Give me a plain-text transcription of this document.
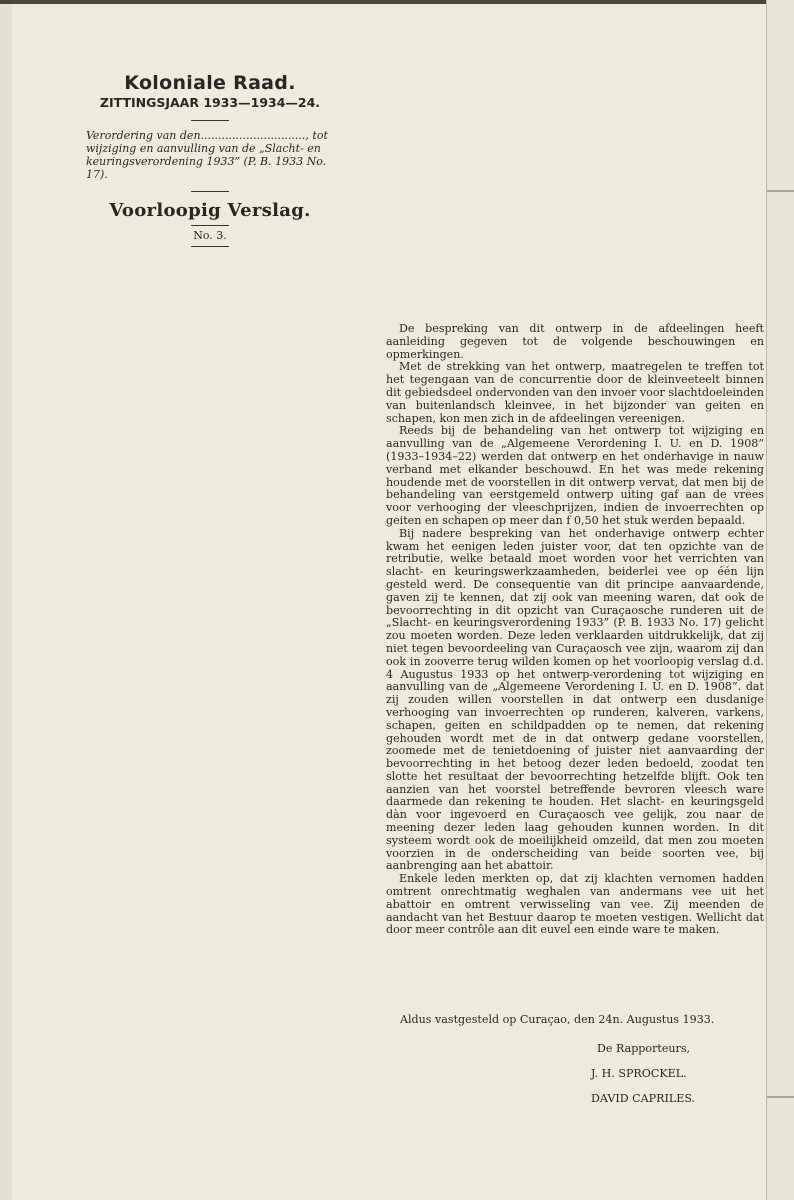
Koloniale Raad.
ZITTINGSJAAR 1933—1934—24.
Verordering van den.............................., tot wijziging en aanvulling van de „Slacht- en keuringsverordening 1933” (P. B. 1933 No. 17).
Voorloopig Verslag.
No. 3.

De bespreking van dit ontwerp in de afdeelingen heeft aanleiding gegeven tot de volgende beschouwingen en opmerkingen.

Met de strekking van het ontwerp, maatregelen te treffen tot het tegengaan van de concurrentie door de kleinveeteelt binnen dit gebiedsdeel ondervonden van den invoer voor slachtdoeleinden van buitenlandsch kleinvee, in het bijzonder van geiten en schapen, kon men zich in de afdeelingen vereenigen.

Reeds bij de behandeling van het ontwerp tot wijziging en aanvulling van de „Algemeene Verordening I. U. en D. 1908” (1933–1934–22) werden dat ontwerp en het onderhavige in nauw verband met elkander beschouwd. En het was mede rekening houdende met de voorstellen in dit ontwerp vervat, dat men bij de behandeling van eerstgemeld ontwerp uiting gaf aan de vrees voor verhooging der vleeschprijzen, indien de invoerrechten op geiten en schapen op meer dan f 0,50 het stuk werden bepaald.

Bij nadere bespreking van het onderhavige ontwerp echter kwam het eenigen leden juister voor, dat ten opzichte van de retributie, welke betaald moet worden voor het verrichten van slacht- en keuringswerkzaamheden, beiderlei vee op één lijn gesteld werd. De consequentie van dit principe aanvaardende, gaven zij te kennen, dat zij ook van meening waren, dat ook de bevoorrechting in dit opzicht van Curaçaosche runderen uit de „Slacht- en keuringsverordening 1933” (P. B. 1933 No. 17) gelicht zou moeten worden. Deze leden verklaarden uitdrukkelijk, dat zij niet tegen bevoordeeling van Curaçaosch vee zijn, waarom zij dan ook in zooverre terug wilden komen op het voorloopig verslag d.d. 4 Augustus 1933 op het ontwerp-verordening tot wijziging en aanvulling van de „Algemeene Verordening I. U. en D. 1908”. dat zij zouden willen voorstellen in dat ontwerp een dusdanige verhooging van invoerrechten op runderen, kalveren, varkens, schapen, geiten en schildpadden op te nemen, dat rekening gehouden wordt met de in dat ontwerp gedane voorstellen, zoomede met de tenietdoening of juister niet aanvaarding der bevoorrechting in het betoog dezer leden bedoeld, zoodat ten slotte het resultaat der bevoorrechting hetzelfde blijft. Ook ten aanzien van het voorstel betreffende bevroren vleesch ware daarmede dan rekening te houden. Het slacht- en keuringsgeld dàn voor ingevoerd en Curaçaosch vee gelijk, zou naar de meening dezer leden laag gehouden kunnen worden. In dit systeem wordt ook de moeilijkheid omzeild, dat men zou moeten voorzien in de onderscheiding van beide soorten vee, bij aanbrenging aan het abattoir.

Enkele leden merkten op, dat zij klachten vernomen hadden omtrent onrechtmatig weghalen van andermans vee uit het abattoir en omtrent verwisseling van vee. Zij meenden de aandacht van het Bestuur daarop te moeten vestigen. Wellicht dat door meer contrôle aan dit euvel een einde ware te maken.

Aldus vastgesteld op Curaçao, den 24n. Augustus 1933.
De Rapporteurs,
J. H. SPROCKEL.
DAVID CAPRILES.
